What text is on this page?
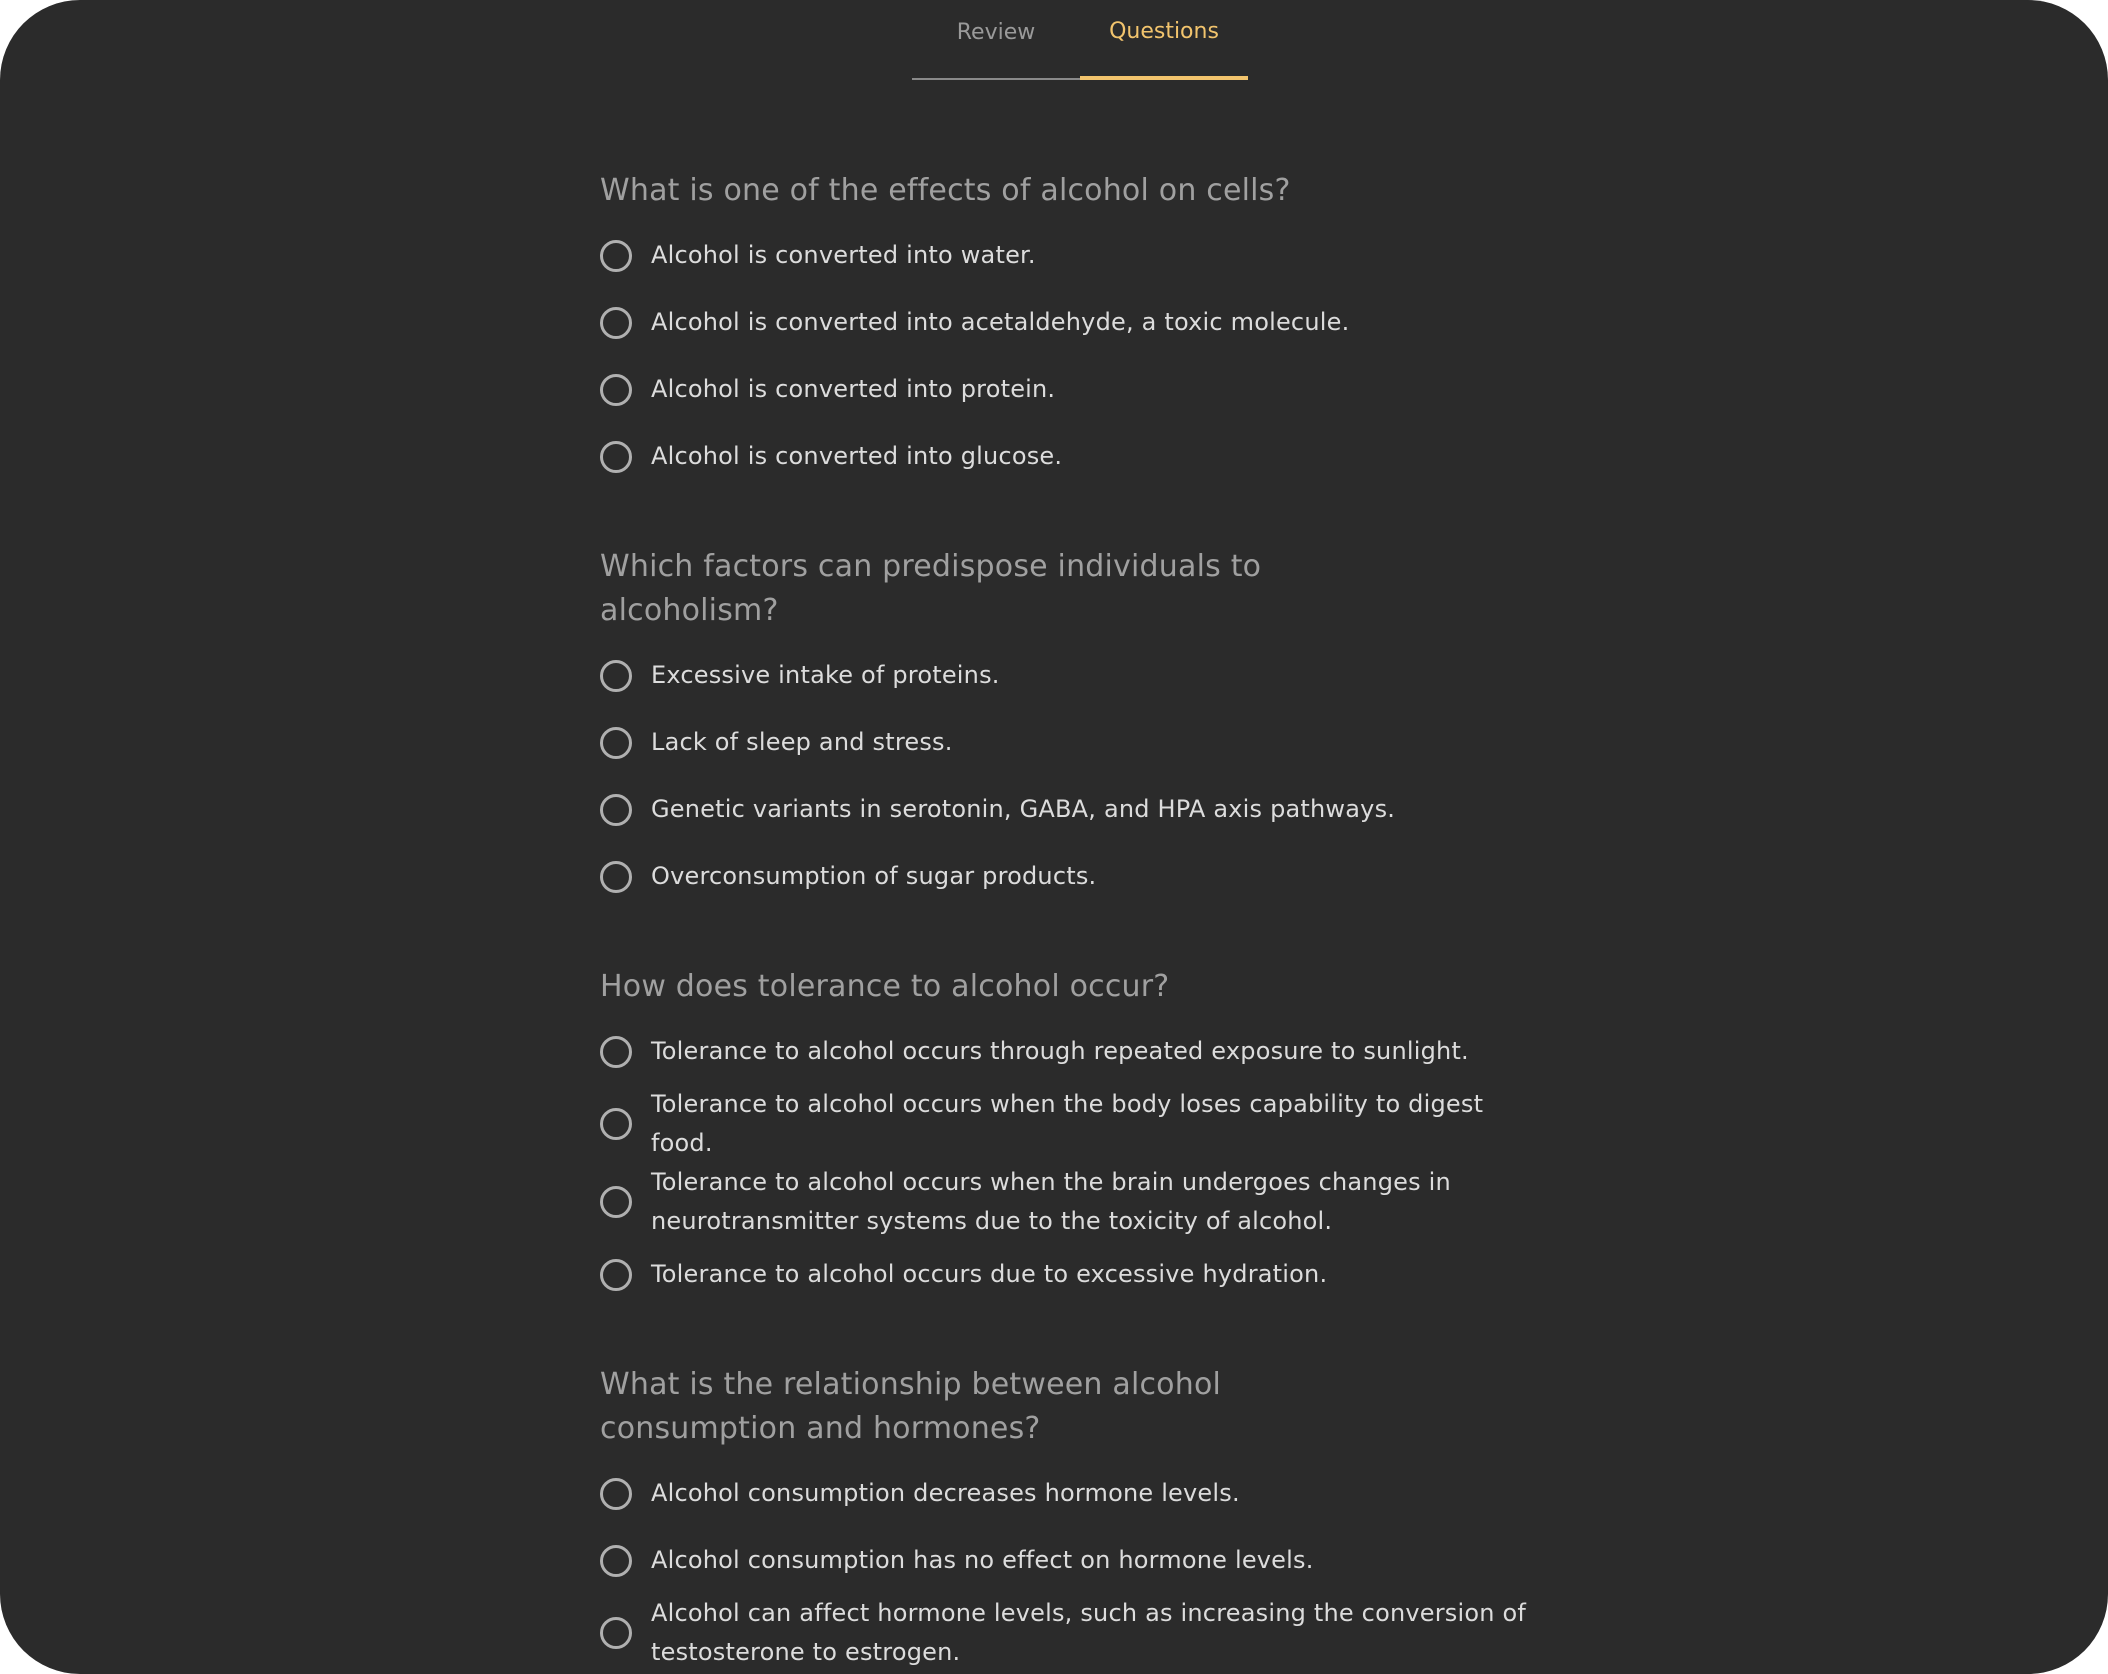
Review	Questions
What is one of the effects of alcohol on cells?
Alcohol is converted into water.
Alcohol is converted into acetaldehyde, a toxic molecule.
Alcohol is converted into protein.
Alcohol is converted into glucose.
Which factors can predispose individuals to alcoholism?
Excessive intake of proteins.
Lack of sleep and stress.
Genetic variants in serotonin, GABA, and HPA axis pathways.
Overconsumption of sugar products.
How does tolerance to alcohol occur?
Tolerance to alcohol occurs through repeated exposure to sunlight.
Tolerance to alcohol occurs when the body loses capability to digest food.
Tolerance to alcohol occurs when the brain undergoes changes in neurotransmitter systems due to the toxicity of alcohol.
Tolerance to alcohol occurs due to excessive hydration.
What is the relationship between alcohol consumption and hormones?
Alcohol consumption decreases hormone levels.
Alcohol consumption has no effect on hormone levels.
Alcohol can affect hormone levels, such as increasing the conversion of testosterone to estrogen.
